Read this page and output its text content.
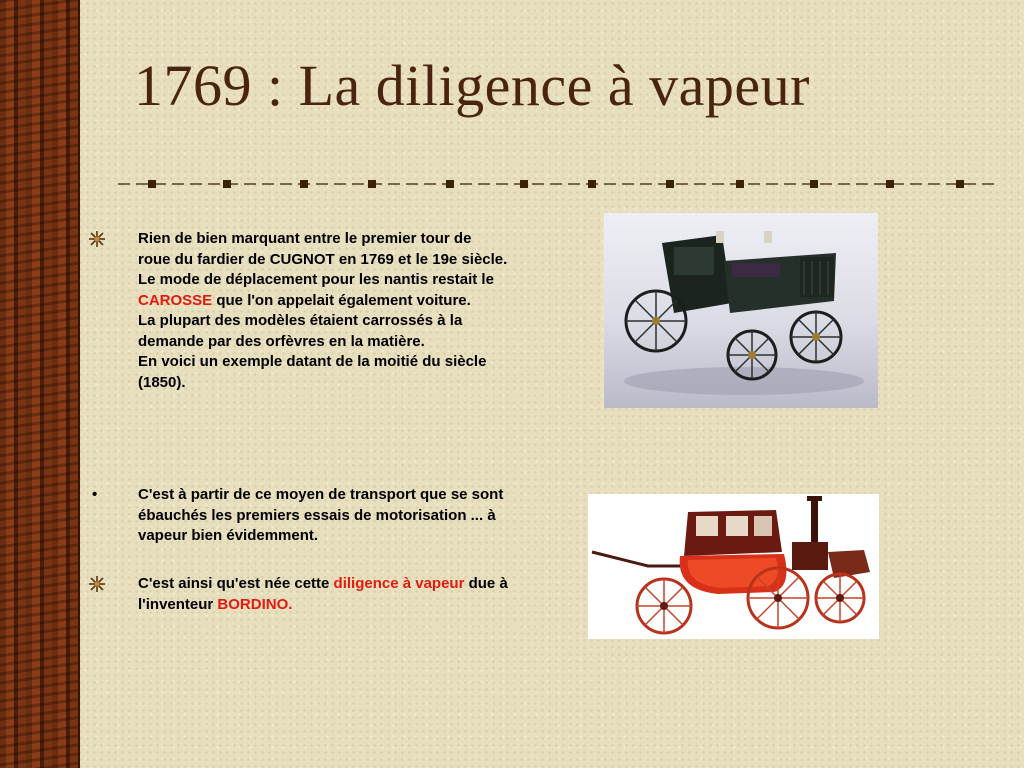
1769 : La diligence à vapeur
Rien de bien marquant entre le premier tour de roue du fardier de CUGNOT en 1769 et le 19e siècle. Le mode de déplacement pour les nantis restait le CAROSSE que l'on appelait également voiture.
La plupart des modèles étaient carrossés à la demande par des orfèvres en la matière.
En voici un exemple datant de la moitié du siècle (1850).
•	C'est à partir de ce moyen de transport que se sont ébauchés les premiers essais de motorisation ... à vapeur bien évidemment.
C'est ainsi qu'est née cette diligence à vapeur due à l'inventeur BORDINO.
